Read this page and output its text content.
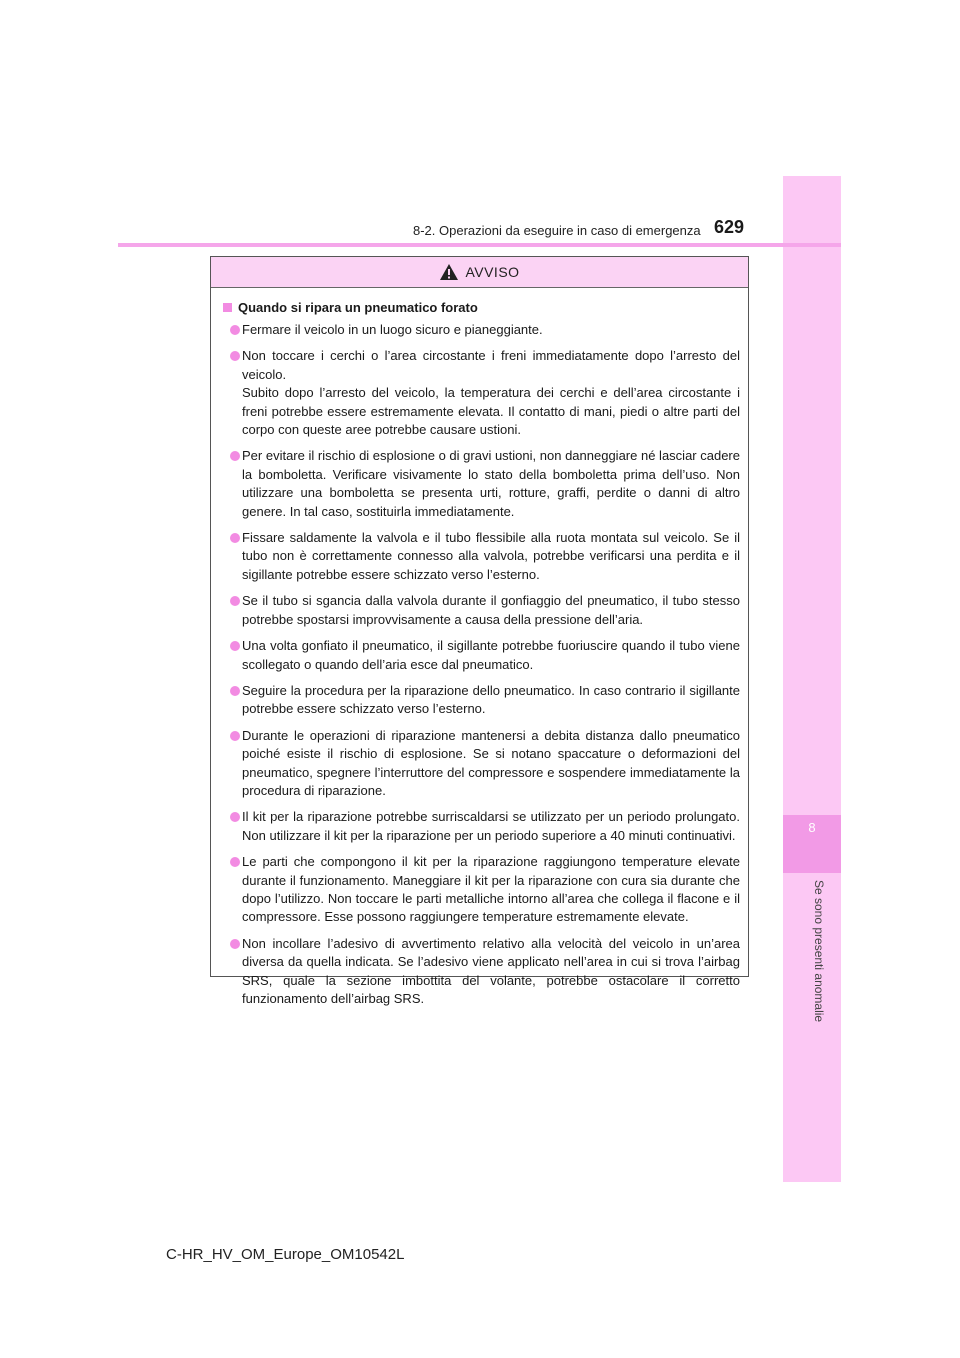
8
Se sono presenti anomalie
629
8-2. Operazioni da eseguire in caso di emergenza
AVVISO
Quando si ripara un pneumatico forato

Fermare il veicolo in un luogo sicuro e pianeggiante.

Non toccare i cerchi o l’area circostante i freni immediatamente dopo l’arresto del veicolo.

Subito dopo l’arresto del veicolo, la temperatura dei cerchi e dell’area circostante i freni potrebbe essere estremamente elevata. Il contatto di mani, piedi o altre parti del corpo con queste aree potrebbe causare ustioni.

Per evitare il rischio di esplosione o di gravi ustioni, non danneggiare né lasciar cadere la bomboletta. Verificare visivamente lo stato della bomboletta prima dell’uso. Non utilizzare una bomboletta se presenta urti, rotture, graffi, perdite o danni di altro genere. In tal caso, sostituirla immediatamente.

Fissare saldamente la valvola e il tubo flessibile alla ruota montata sul veicolo. Se il tubo non è correttamente connesso alla valvola, potrebbe verificarsi una perdita e il sigillante potrebbe essere schizzato verso l’esterno.

Se il tubo si sgancia dalla valvola durante il gonfiaggio del pneumatico, il tubo stesso potrebbe spostarsi improvvisamente a causa della pressione dell’aria.

Una volta gonfiato il pneumatico, il sigillante potrebbe fuoriuscire quando il tubo viene scollegato o quando dell’aria esce dal pneumatico.

Seguire la procedura per la riparazione dello pneumatico. In caso contrario il sigillante potrebbe essere schizzato verso l’esterno.

Durante le operazioni di riparazione mantenersi a debita distanza dallo pneumatico poiché esiste il rischio di esplosione. Se si notano spaccature o deformazioni del pneumatico, spegnere l’interruttore del compressore e sospendere immediatamente la procedura di riparazione.

Il kit per la riparazione potrebbe surriscaldarsi se utilizzato per un periodo prolungato. Non utilizzare il kit per la riparazione per un periodo superiore a 40 minuti continuativi.

Le parti che compongono il kit per la riparazione raggiungono temperature elevate durante il funzionamento. Maneggiare il kit per la riparazione con cura sia durante che dopo l’utilizzo. Non toccare le parti metalliche intorno all’area che collega il flacone e il compressore. Esse possono raggiungere temperature estremamente elevate.

Non incollare l’adesivo di avvertimento relativo alla velocità del veicolo in un’area diversa da quella indicata. Se l’adesivo viene applicato nell’area in cui si trova l’airbag SRS, quale la sezione imbottita del volante, potrebbe ostacolare il corretto funzionamento dell’airbag SRS.

C-HR_HV_OM_Europe_OM10542L
